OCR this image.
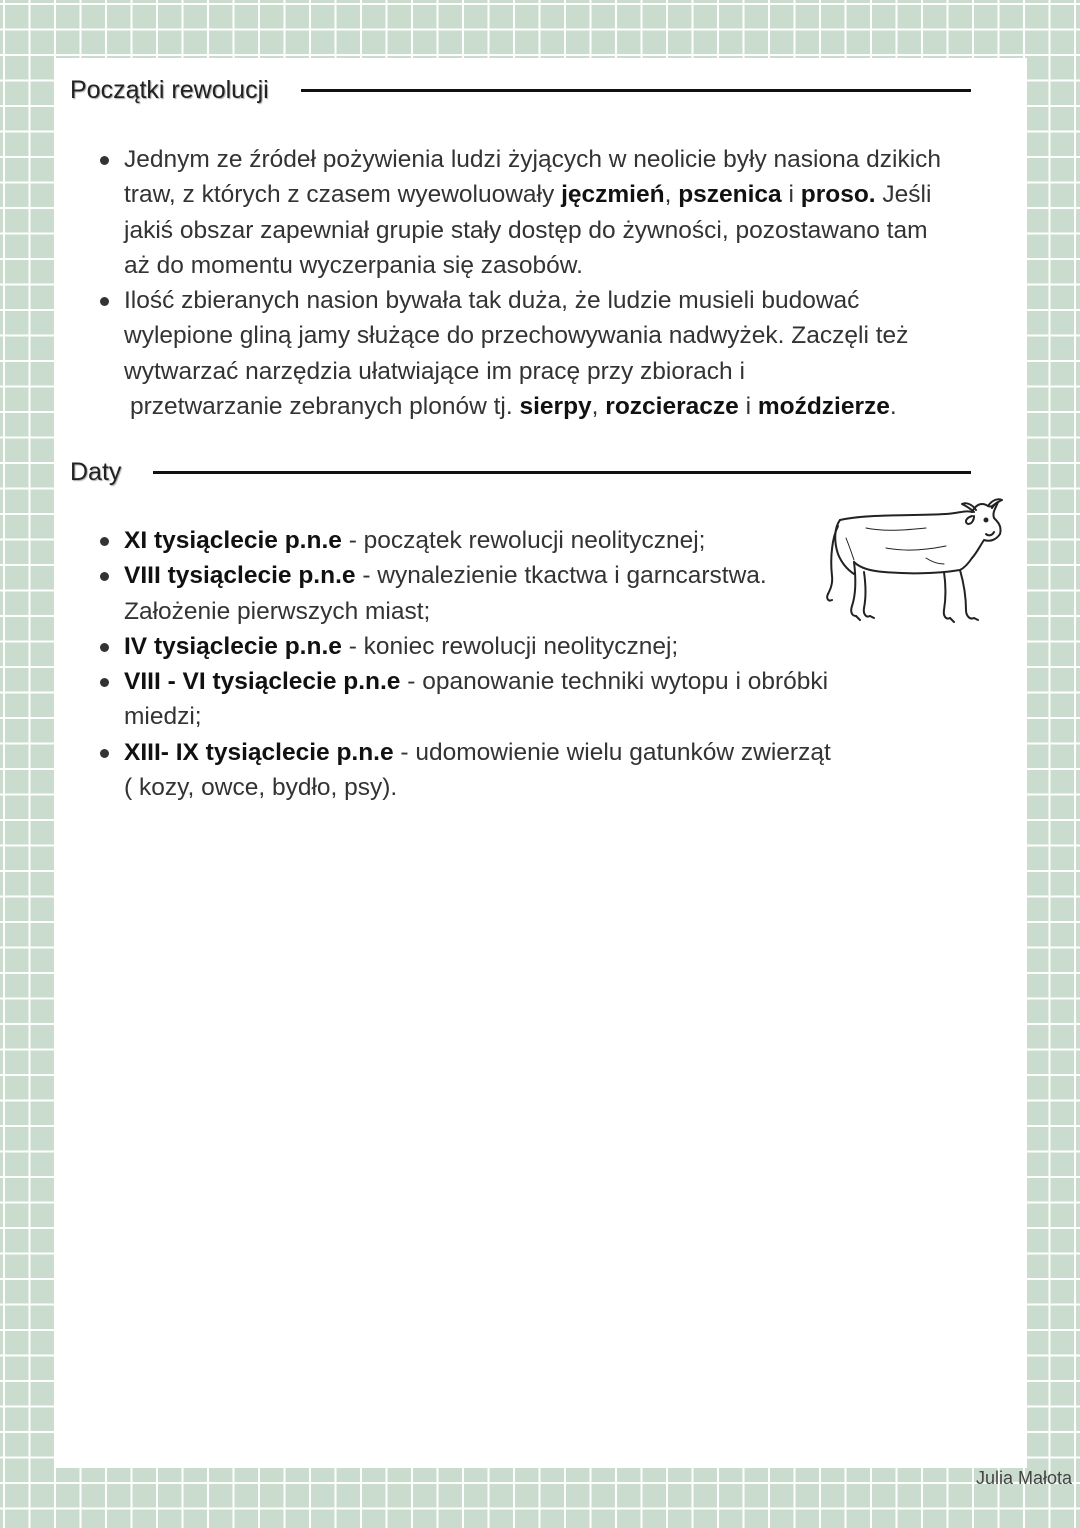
Początki rewolucji
Jednym ze źródeł pożywienia ludzi żyjących w neolicie były nasiona dzikich traw, z których z czasem wyewoluowały jęczmień, pszenica i proso. Jeśli jakiś obszar zapewniał grupie stały dostęp do żywności, pozostawano tam aż do momentu wyczerpania się zasobów.
Ilość zbieranych nasion bywała tak duża, że ludzie musieli budować wylepione gliną jamy służące do przechowywania nadwyżek. Zaczęli też wytwarzać narzędzia ułatwiające im pracę przy zbiorach i
przetwarzanie zebranych plonów tj. sierpy, rozcieracze i moździerze.
Daty
XI tysiąclecie p.n.e - początek rewolucji neolitycznej;
VIII tysiąclecie p.n.e - wynalezienie tkactwa i garncarstwa.
Założenie pierwszych miast;
IV tysiąclecie p.n.e - koniec rewolucji neolitycznej;
VIII - VI tysiąclecie p.n.e - opanowanie techniki wytopu i obróbki
miedzi;
XIII- IX tysiąclecie p.n.e - udomowienie wielu gatunków zwierząt
( kozy, owce, bydło, psy).
Julia Małota
